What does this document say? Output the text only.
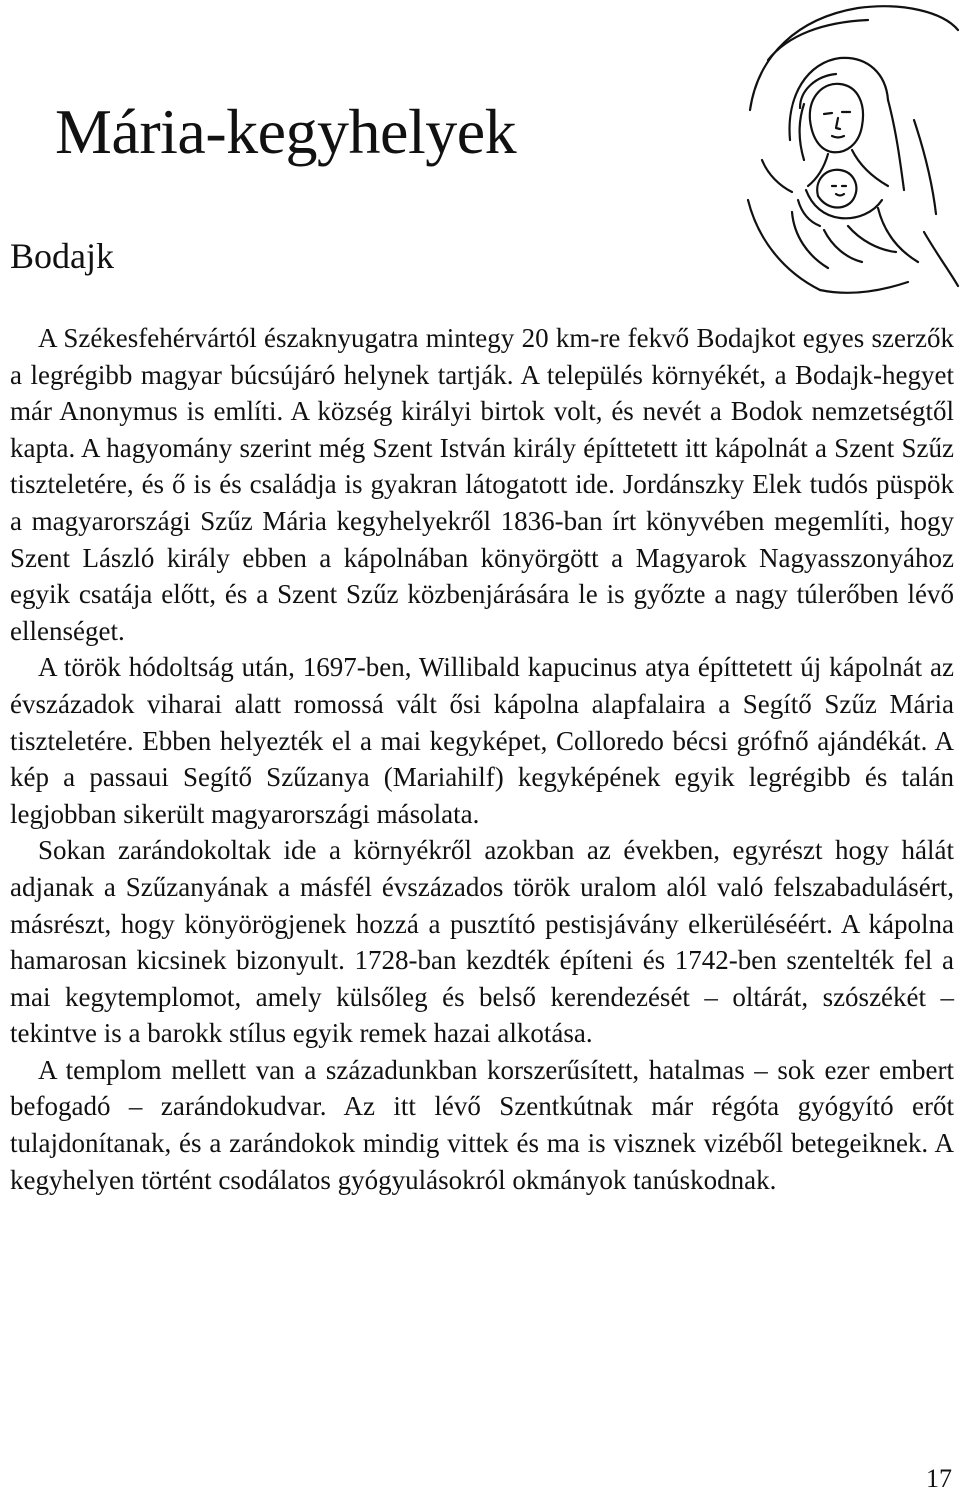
Mária-kegyhelyek
Bodajk

A Székesfehérvártól északnyugatra mintegy 20 km-re fekvő Bodajkot egyes szerzők a legrégibb magyar búcsújáró helynek tartják. A település környékét, a Bodajk-hegyet már Anonymus is említi. A község királyi birtok volt, és nevét a Bodok nemzetségtől kapta. A hagyomány szerint még Szent István király építtetett itt kápolnát a Szent Szűz tiszteletére, és ő is és családja is gyakran látogatott ide. Jordánszky Elek tudós püspök a magyarországi Szűz Mária kegyhelyekről 1836-ban írt könyvében megemlíti, hogy Szent László király ebben a kápolnában könyörgött a Magyarok Nagyasszonyához egyik csatája előtt, és a Szent Szűz közbenjárására le is győzte a nagy túlerőben lévő ellenséget.

A török hódoltság után, 1697-ben, Willibald kapucinus atya építtetett új kápolnát az évszázadok viharai alatt romossá vált ősi kápolna alapfalaira a Segítő Szűz Mária tiszteletére. Ebben helyezték el a mai kegyképet, Colloredo bécsi grófnő ajándékát. A kép a passaui Segítő Szűzanya (Mariahilf) kegyképének egyik legrégibb és talán legjobban sikerült magyarországi másolata.

Sokan zarándokoltak ide a környékről azokban az években, egyrészt hogy hálát adjanak a Szűzanyának a másfél évszázados török uralom alól való felszabadulásért, másrészt, hogy könyörögjenek hozzá a pusztító pestisjávány elkerüléséért. A kápolna hamarosan kicsinek bizonyult. 1728-ban kezdték építeni és 1742-ben szentelték fel a mai kegytemplomot, amely külsőleg és belső kerendezését – oltárát, szószékét – tekintve is a barokk stílus egyik remek hazai alkotása.

A templom mellett van a századunkban korszerűsített, hatalmas – sok ezer embert befogadó – zarándokudvar. Az itt lévő Szentkútnak már régóta gyógyító erőt tulajdonítanak, és a zarándokok mindig vittek és ma is visznek vizéből betegeiknek. A kegyhelyen történt csodálatos gyógyulásokról okmányok tanúskodnak.

17
